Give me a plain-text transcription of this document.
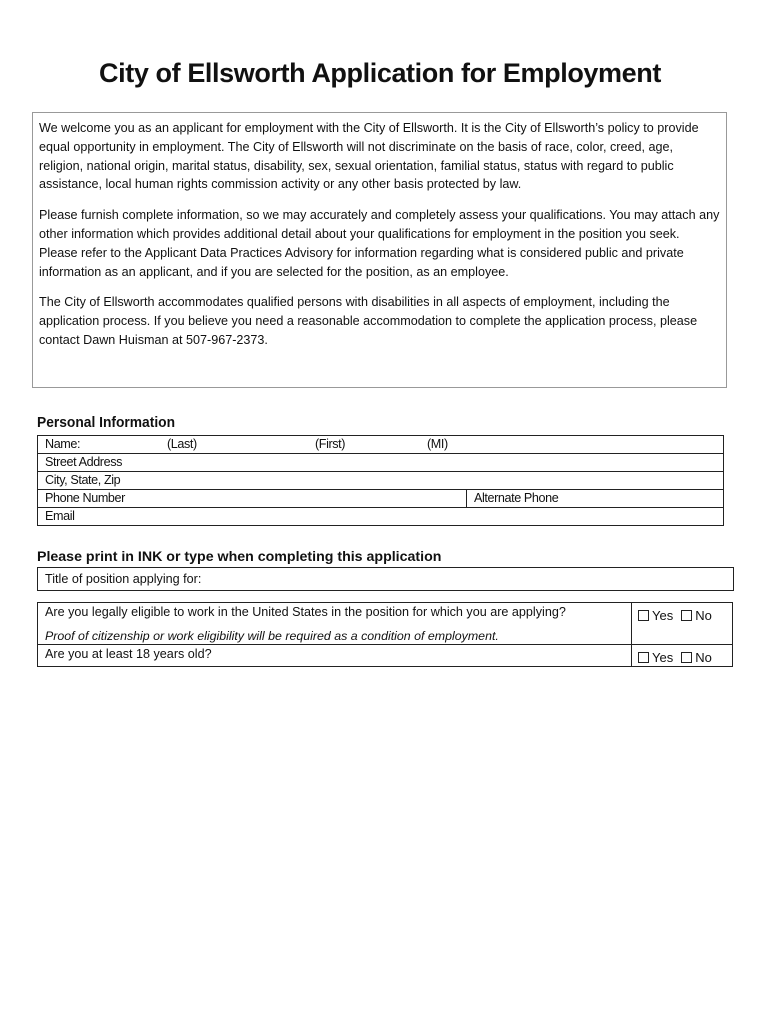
City of Ellsworth Application for Employment

We welcome you as an applicant for employment with the City of Ellsworth. It is the City of Ellsworth’s policy to provide equal opportunity in employment. The City of Ellsworth will not discriminate on the basis of race, color, creed, age, religion, national origin, marital status, disability, sex, sexual orientation, familial status, status with regard to public assistance, local human rights commission activity or any other basis protected by law.

Please furnish complete information, so we may accurately and completely assess your qualifications. You may attach any other information which provides additional detail about your qualifications for employment in the position you seek. Please refer to the Applicant Data Practices Advisory for information regarding what is considered public and private information as an applicant, and if you are selected for the position, as an employee.

The City of Ellsworth accommodates qualified persons with disabilities in all aspects of employment, including the application process. If you believe you need a reasonable accommodation to complete the application process, please contact Dawn Huisman at 507-967-2373.

Personal Information
Name:	(Last)	(First)	(MI)
Street Address
City, State, Zip
Phone Number	Alternate Phone
Email
Please print in INK or type when completing this application
Title of position applying for:
Are you legally eligible to work in the United States in the position for which you are applying?
Proof of citizenship or work eligibility will be required as a condition of employment.	Yes No
Are you at least 18 years old?	Yes No
